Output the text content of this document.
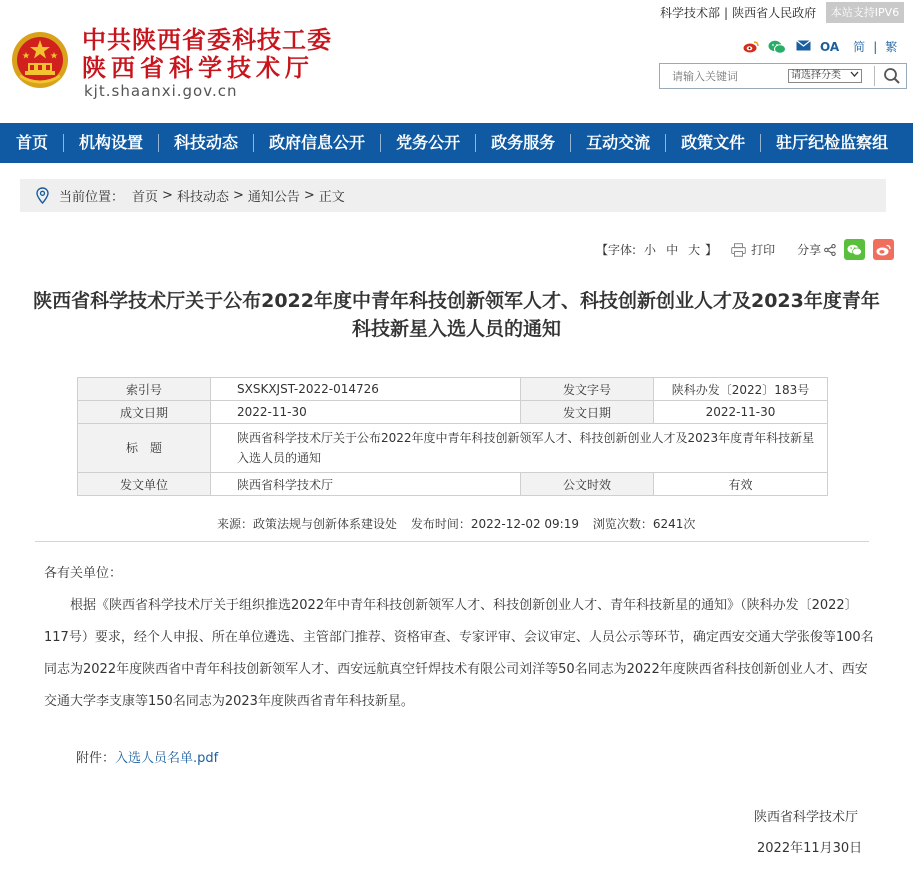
中共陕西省委科技工委
陕西省科学技术厅
kjt.shaanxi.gov.cn
科学技术部 | 陕西省人民政府	本站支持IPV6
OA 简 | 繁
请输入关键词
请选择分类
首页	机构设置	科技动态	政府信息公开	党务公开	政务服务	互动交流	政策文件	驻厅纪检监察组
当前位置： 首页 > 科技动态 > 通知公告 > 正文
【字体: 小 中 大 】	打印 分享
陕西省科学技术厅关于公布2022年度中青年科技创新领军人才、科技创新创业人才及2023年度青年科技新星入选人员的通知
索引号	SXSKXJST-2022-014726	发文字号	陕科办发〔2022〕183号
成文日期	2022-11-30	发文日期	2022-11-30
标　题	陕西省科学技术厅关于公布2022年度中青年科技创新领军人才、科技创新创业人才及2023年度青年科技新星入选人员的通知		
发文单位	陕西省科学技术厅	公文时效	有效
来源：政策法规与创新体系建设处 发布时间：2022-12-02 09:19 浏览次数：6241次
各有关单位：
根据《陕西省科学技术厅关于组织推选2022年中青年科技创新领军人才、科技创新创业人才、青年科技新星的通知》（陕科办发〔2022〕117号）要求，经个人申报、所在单位遴选、主管部门推荐、资格审查、专家评审、会议审定、人员公示等环节，确定西安交通大学张俊等100名同志为2022年度陕西省中青年科技创新领军人才、西安远航真空钎焊技术有限公司刘洋等50名同志为2022年度陕西省科技创新创业人才、西安交通大学李支康等150名同志为2023年度陕西省青年科技新星。
附件：入选人员名单.pdf
陕西省科学技术厅
2022年11月30日
